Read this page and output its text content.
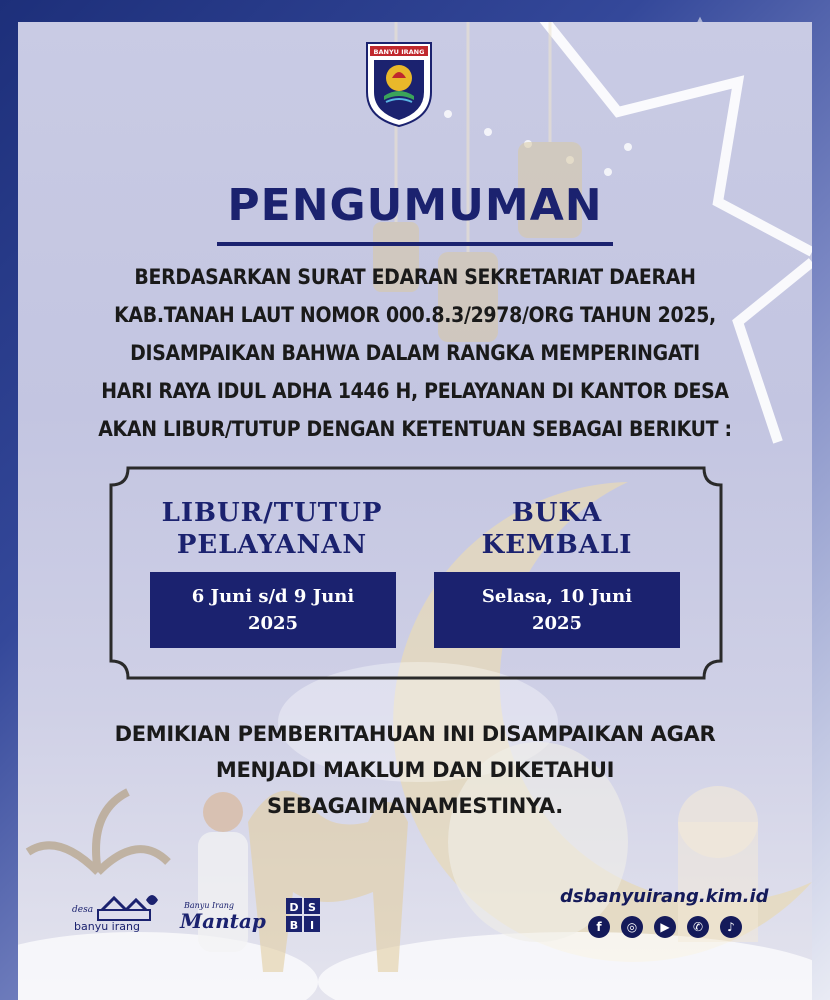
BANYU IRANG
PENGUMUMAN
BERDASARKAN SURAT EDARAN SEKRETARIAT DAERAH
KAB.TANAH LAUT NOMOR 000.8.3/2978/ORG TAHUN 2025,
DISAMPAIKAN BAHWA DALAM RANGKA MEMPERINGATI
HARI RAYA IDUL ADHA 1446 H, PELAYANAN DI KANTOR DESA
AKAN LIBUR/TUTUP DENGAN KETENTUAN SEBAGAI BERIKUT :
LIBUR/TUTUP
PELAYANAN
BUKA
KEMBALI
6 Juni s/d 9 Juni
2025
Selasa, 10 Juni
2025
DEMIKIAN PEMBERITAHUAN INI DISAMPAIKAN AGAR
MENJADI MAKLUM DAN DIKETAHUI SEBAGAIMANAMESTINYA.
desa
banyu irang
Banyu Irang
Mantap
D S
B I
dsbanyuirang.kim.id
f	◎	▶	✆	♪
